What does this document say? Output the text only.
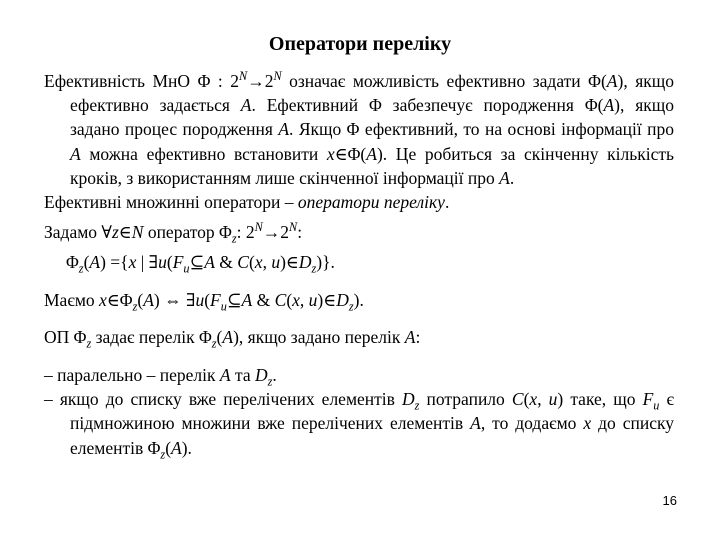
Оператори переліку

Ефективність МнО Φ : $2^N\to 2^N$ означає можливість ефективно задати Φ(A), якщо ефективно задається A. Ефективний Φ забезпечує породження Φ(A), якщо задано процес породження A. Якщо Φ ефективний, то на основі інформації про A можна ефективно встановити x∈Φ(A). Це робиться за скінченну кількість кроків, з використанням лише скінченної інформації про A.

Ефективні множинні оператори – оператори переліку.

Задамо ∀z∈N оператор $\Phi_z$: $2^N\to 2^N$:

$\Phi_z(A) =\{x$ | $\exists u(F_u⊆A$ & C(x, $u)\in D_z$)}.

Маємо $x\in\Phi_z(A)$ ⇔ $\exists u(F_u⊆A$ & C(x, $u)\in D_z$).

ОП $\Phi_z$ задає перелік $\Phi_z(A)$, якщо задано перелік A:

– паралельно – перелік A та $D_z$.

– якщо до списку вже перелічених елементів $D_z$ потрапило C(x, u) таке, що $F_u$ є підмножиною множини вже перелічених елементів A, то додаємо x до списку елементів $\Phi_z(A)$.

16
